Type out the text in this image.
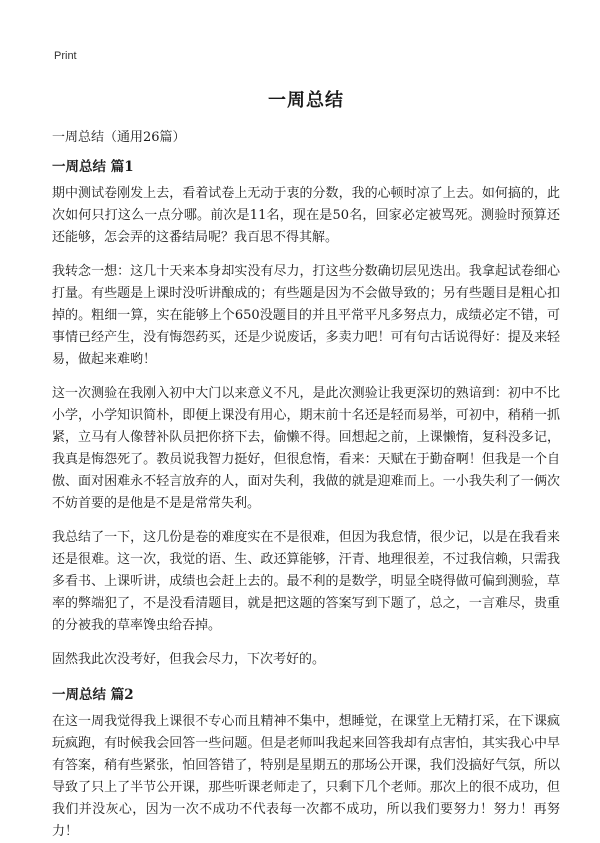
Print
一周总结
一周总结（通用26篇）
一周总结 篇1

期中测试卷刚发上去，看着试卷上无动于衷的分数，我的心顿时凉了上去。如何搞的，此次如何只打这么一点分哪。前次是11名，现在是50名，回家必定被骂死。测验时预算还还能够，怎会弄的这番结局呢？我百思不得其解。

我转念一想：这几十天来本身却实没有尽力，打这些分数确切层见迭出。我拿起试卷细心打量。有些题是上课时没听讲酿成的；有些题是因为不会做导致的；另有些题目是粗心扣掉的。粗细一算，实在能够上个650没题目的并且平常平凡多努点力，成绩必定不错，可事情已经产生，没有悔怨药买，还是少说废话，多卖力吧！可有句古话说得好：提及来轻易，做起来难哟！

这一次测验在我刚入初中大门以来意义不凡，是此次测验让我更深切的熟谙到：初中不比小学，小学知识简朴，即便上课没有用心，期末前十名还是轻而易举，可初中，稍稍一抓紧，立马有人像替补队员把你挤下去，偷懒不得。回想起之前，上课懒惰，复科没多记，我真是悔怨死了。教员说我智力挺好，但很怠惰，看来：天赋在于勤奋啊！但我是一个自傲、面对困难永不轻言放弃的人，面对失利，我做的就是迎难而上。一小我失利了一俩次不妨首要的是他是不是是常常失利。

我总结了一下，这几份是卷的难度实在不是很难，但因为我怠情，很少记，以是在我看来还是很难。这一次，我觉的语、生、政还算能够，汗青、地理很差，不过我信赖，只需我多看书、上课听讲，成绩也会赶上去的。最不利的是数学，明显全晓得做可偏到测验，草率的弊端犯了，不是没看清题目，就是把这题的答案写到下题了，总之，一言难尽，贵重的分被我的草率馋虫给吞掉。

固然我此次没考好，但我会尽力，下次考好的。

一周总结 篇2

在这一周我觉得我上课很不专心而且精神不集中，想睡觉，在课堂上无精打采，在下课疯玩疯跑，有时候我会回答一些问题。但是老师叫我起来回答我却有点害怕，其实我心中早有答案，稍有些紧张，怕回答错了，特别是星期五的那场公开课，我们没搞好气氛，所以导致了只上了半节公开课，那些听课老师走了，只剩下几个老师。那次上的很不成功，但我们并没灰心，因为一次不成功不代表每一次都不成功，所以我们要努力！努力！再努力！
